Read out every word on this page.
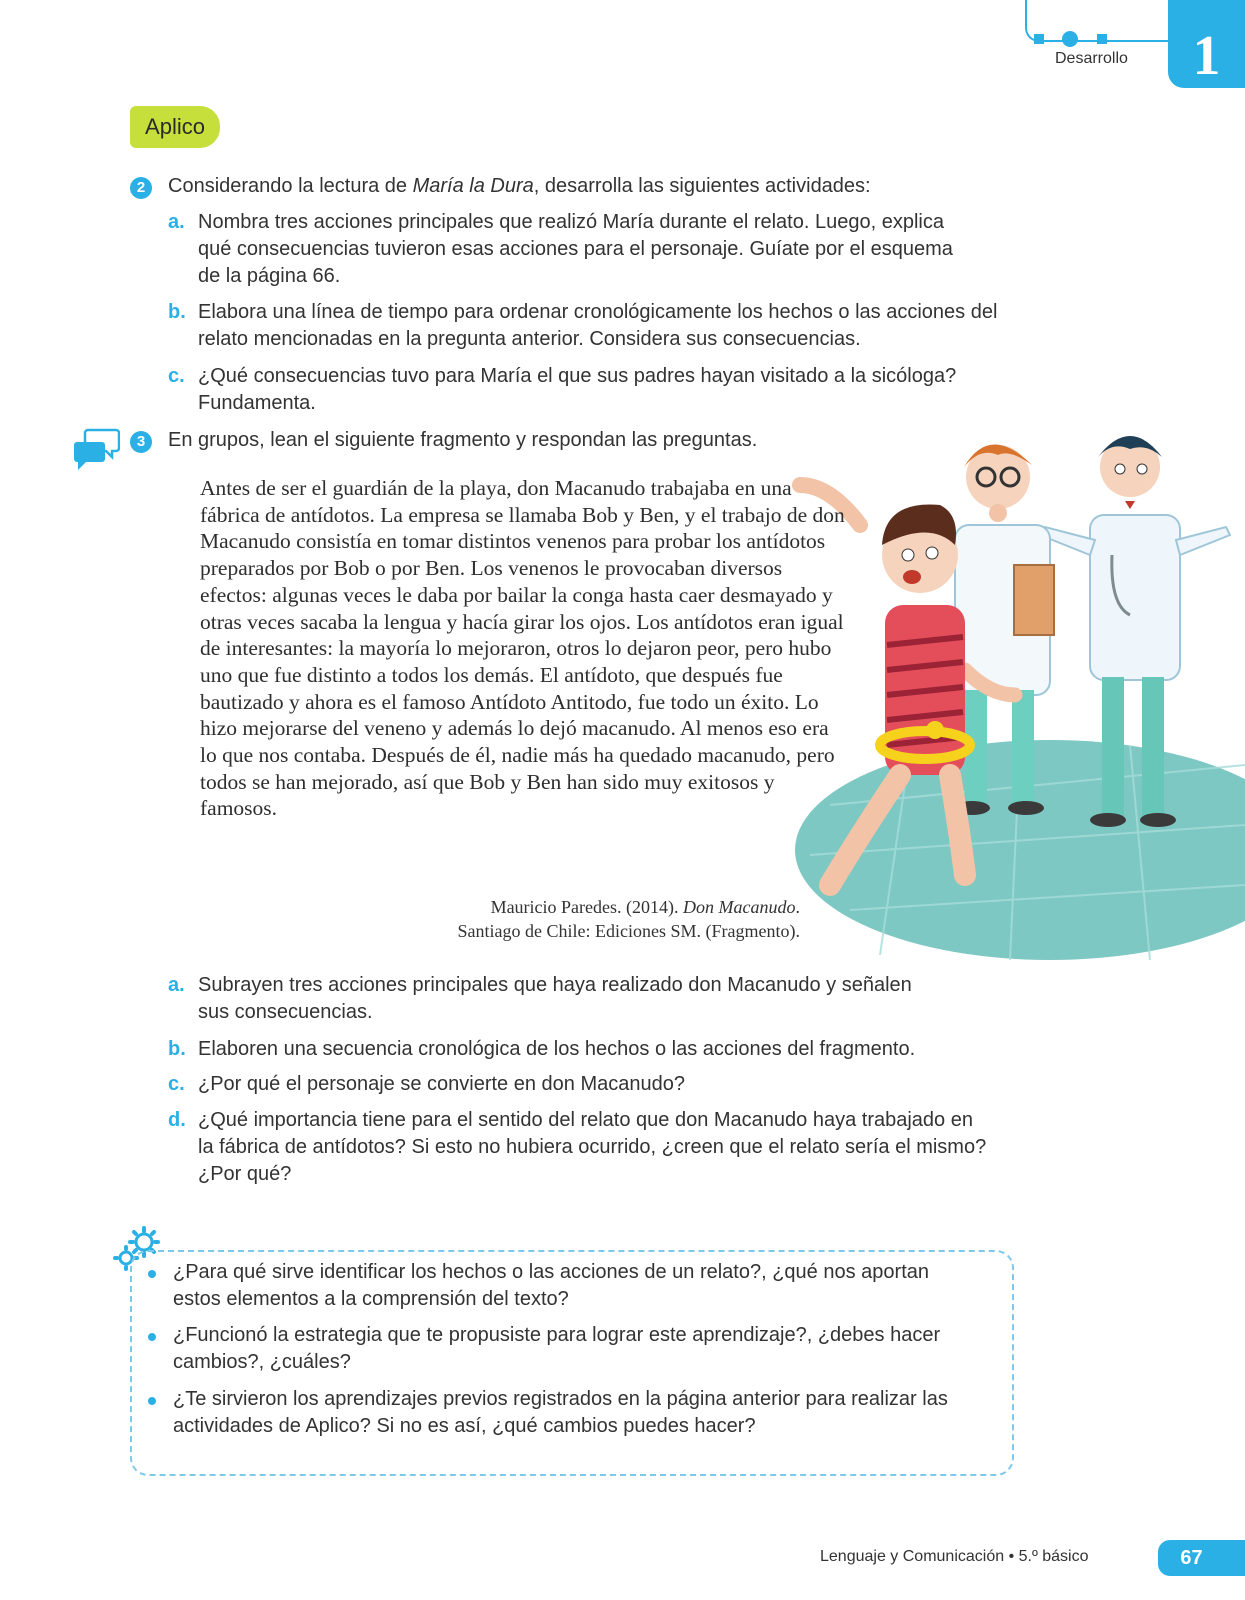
Desarrollo	1
Aplico
2	Considerando la lectura de María la Dura, desarrolla las siguientes actividades:
a. Nombra tres acciones principales que realizó María durante el relato. Luego, explica qué consecuencias tuvieron esas acciones para el personaje. Guíate por el esquema de la página 66.
b. Elabora una línea de tiempo para ordenar cronológicamente los hechos o las acciones del relato mencionadas en la pregunta anterior. Considera sus consecuencias.
c. ¿Qué consecuencias tuvo para María el que sus padres hayan visitado a la sicóloga? Fundamenta.
3	En grupos, lean el siguiente fragmento y respondan las preguntas.
Antes de ser el guardián de la playa, don Macanudo trabajaba en una fábrica de antídotos. La empresa se llamaba Bob y Ben, y el trabajo de don Macanudo consistía en tomar distintos venenos para probar los antídotos preparados por Bob o por Ben. Los venenos le provocaban diversos efectos: algunas veces le daba por bailar la conga hasta caer desmayado y otras veces sacaba la lengua y hacía girar los ojos. Los antídotos eran igual de interesantes: la mayoría lo mejoraron, otros lo dejaron peor, pero hubo uno que fue distinto a todos los demás. El antídoto, que después fue bautizado y ahora es el famoso Antídoto Antitodo, fue todo un éxito. Lo hizo mejorarse del veneno y además lo dejó macanudo. Al menos eso era lo que nos contaba. Después de él, nadie más ha quedado macanudo, pero todos se han mejorado, así que Bob y Ben han sido muy exitosos y famosos.
Mauricio Paredes. (2014). Don Macanudo.
Santiago de Chile: Ediciones SM. (Fragmento).
a. Subrayen tres acciones principales que haya realizado don Macanudo y señalen sus consecuencias.
b. Elaboren una secuencia cronológica de los hechos o las acciones del fragmento.
c. ¿Por qué el personaje se convierte en don Macanudo?
d. ¿Qué importancia tiene para el sentido del relato que don Macanudo haya trabajado en la fábrica de antídotos? Si esto no hubiera ocurrido, ¿creen que el relato sería el mismo? ¿Por qué?
¿Para qué sirve identificar los hechos o las acciones de un relato?, ¿qué nos aportan estos elementos a la comprensión del texto?
¿Funcionó la estrategia que te propusiste para lograr este aprendizaje?, ¿debes hacer cambios?, ¿cuáles?
¿Te sirvieron los aprendizajes previos registrados en la página anterior para realizar las actividades de Aplico? Si no es así, ¿qué cambios puedes hacer?
Lenguaje y Comunicación • 5.º básico	67
